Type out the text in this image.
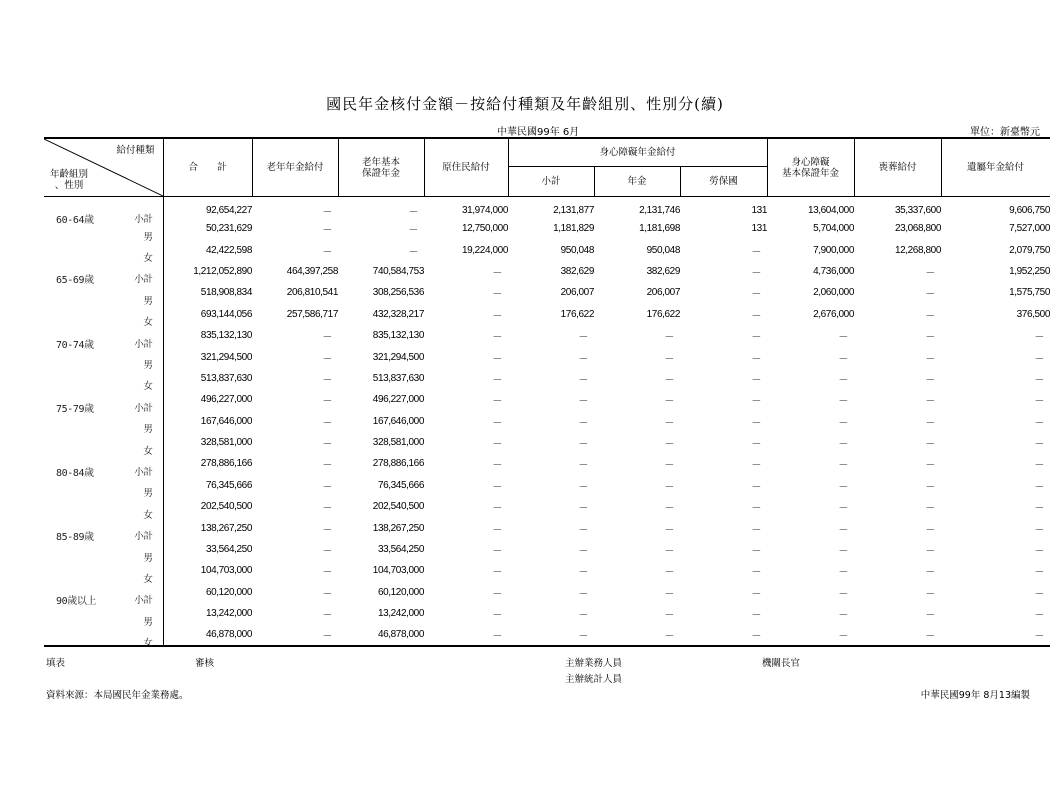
國民年金核付金額－按給付種類及年齡組別、性別分(續)
中華民國99年 6月	單位：新臺幣元
給付種類
年齡組別
、性別	合　　計	老年年金給付	老年基本
保證年金	原住民給付	身心障礙年金給付			身心障礙
基本保證年金	喪葬給付	遺屬年金給付
					小計	年金	勞保國			

60-64歲 小計	92,654,227	－	－	31,974,000	2,131,877	2,131,746	131	13,604,000	35,337,600	9,606,750

男	50,231,629	－	－	12,750,000	1,181,829	1,181,698	131	5,704,000	23,068,800	7,527,000

女	42,422,598	－	－	19,224,000	950,048	950,048	－	7,900,000	12,268,800	2,079,750

65-69歲 小計	1,212,052,890	464,397,258	740,584,753	－	382,629	382,629	－	4,736,000	－	1,952,250

男	518,908,834	206,810,541	308,256,536	－	206,007	206,007	－	2,060,000	－	1,575,750

女	693,144,056	257,586,717	432,328,217	－	176,622	176,622	－	2,676,000	－	376,500

70-74歲 小計	835,132,130	－	835,132,130	－	－	－	－	－	－	－

男	321,294,500	－	321,294,500	－	－	－	－	－	－	－

女	513,837,630	－	513,837,630	－	－	－	－	－	－	－

75-79歲 小計	496,227,000	－	496,227,000	－	－	－	－	－	－	－

男	167,646,000	－	167,646,000	－	－	－	－	－	－	－

女	328,581,000	－	328,581,000	－	－	－	－	－	－	－

80-84歲 小計	278,886,166	－	278,886,166	－	－	－	－	－	－	－

男	76,345,666	－	76,345,666	－	－	－	－	－	－	－

女	202,540,500	－	202,540,500	－	－	－	－	－	－	－

85-89歲 小計	138,267,250	－	138,267,250	－	－	－	－	－	－	－

男	33,564,250	－	33,564,250	－	－	－	－	－	－	－

女	104,703,000	－	104,703,000	－	－	－	－	－	－	－

90歲以上 小計	60,120,000	－	60,120,000	－	－	－	－	－	－	－

男	13,242,000	－	13,242,000	－	－	－	－	－	－	－

女	46,878,000	－	46,878,000	－	－	－	－	－	－	－
填表	審核	主辦業務人員
主辦統計人員
機關長官
資料來源：本局國民年金業務處。	中華民國99年 8月13編製
